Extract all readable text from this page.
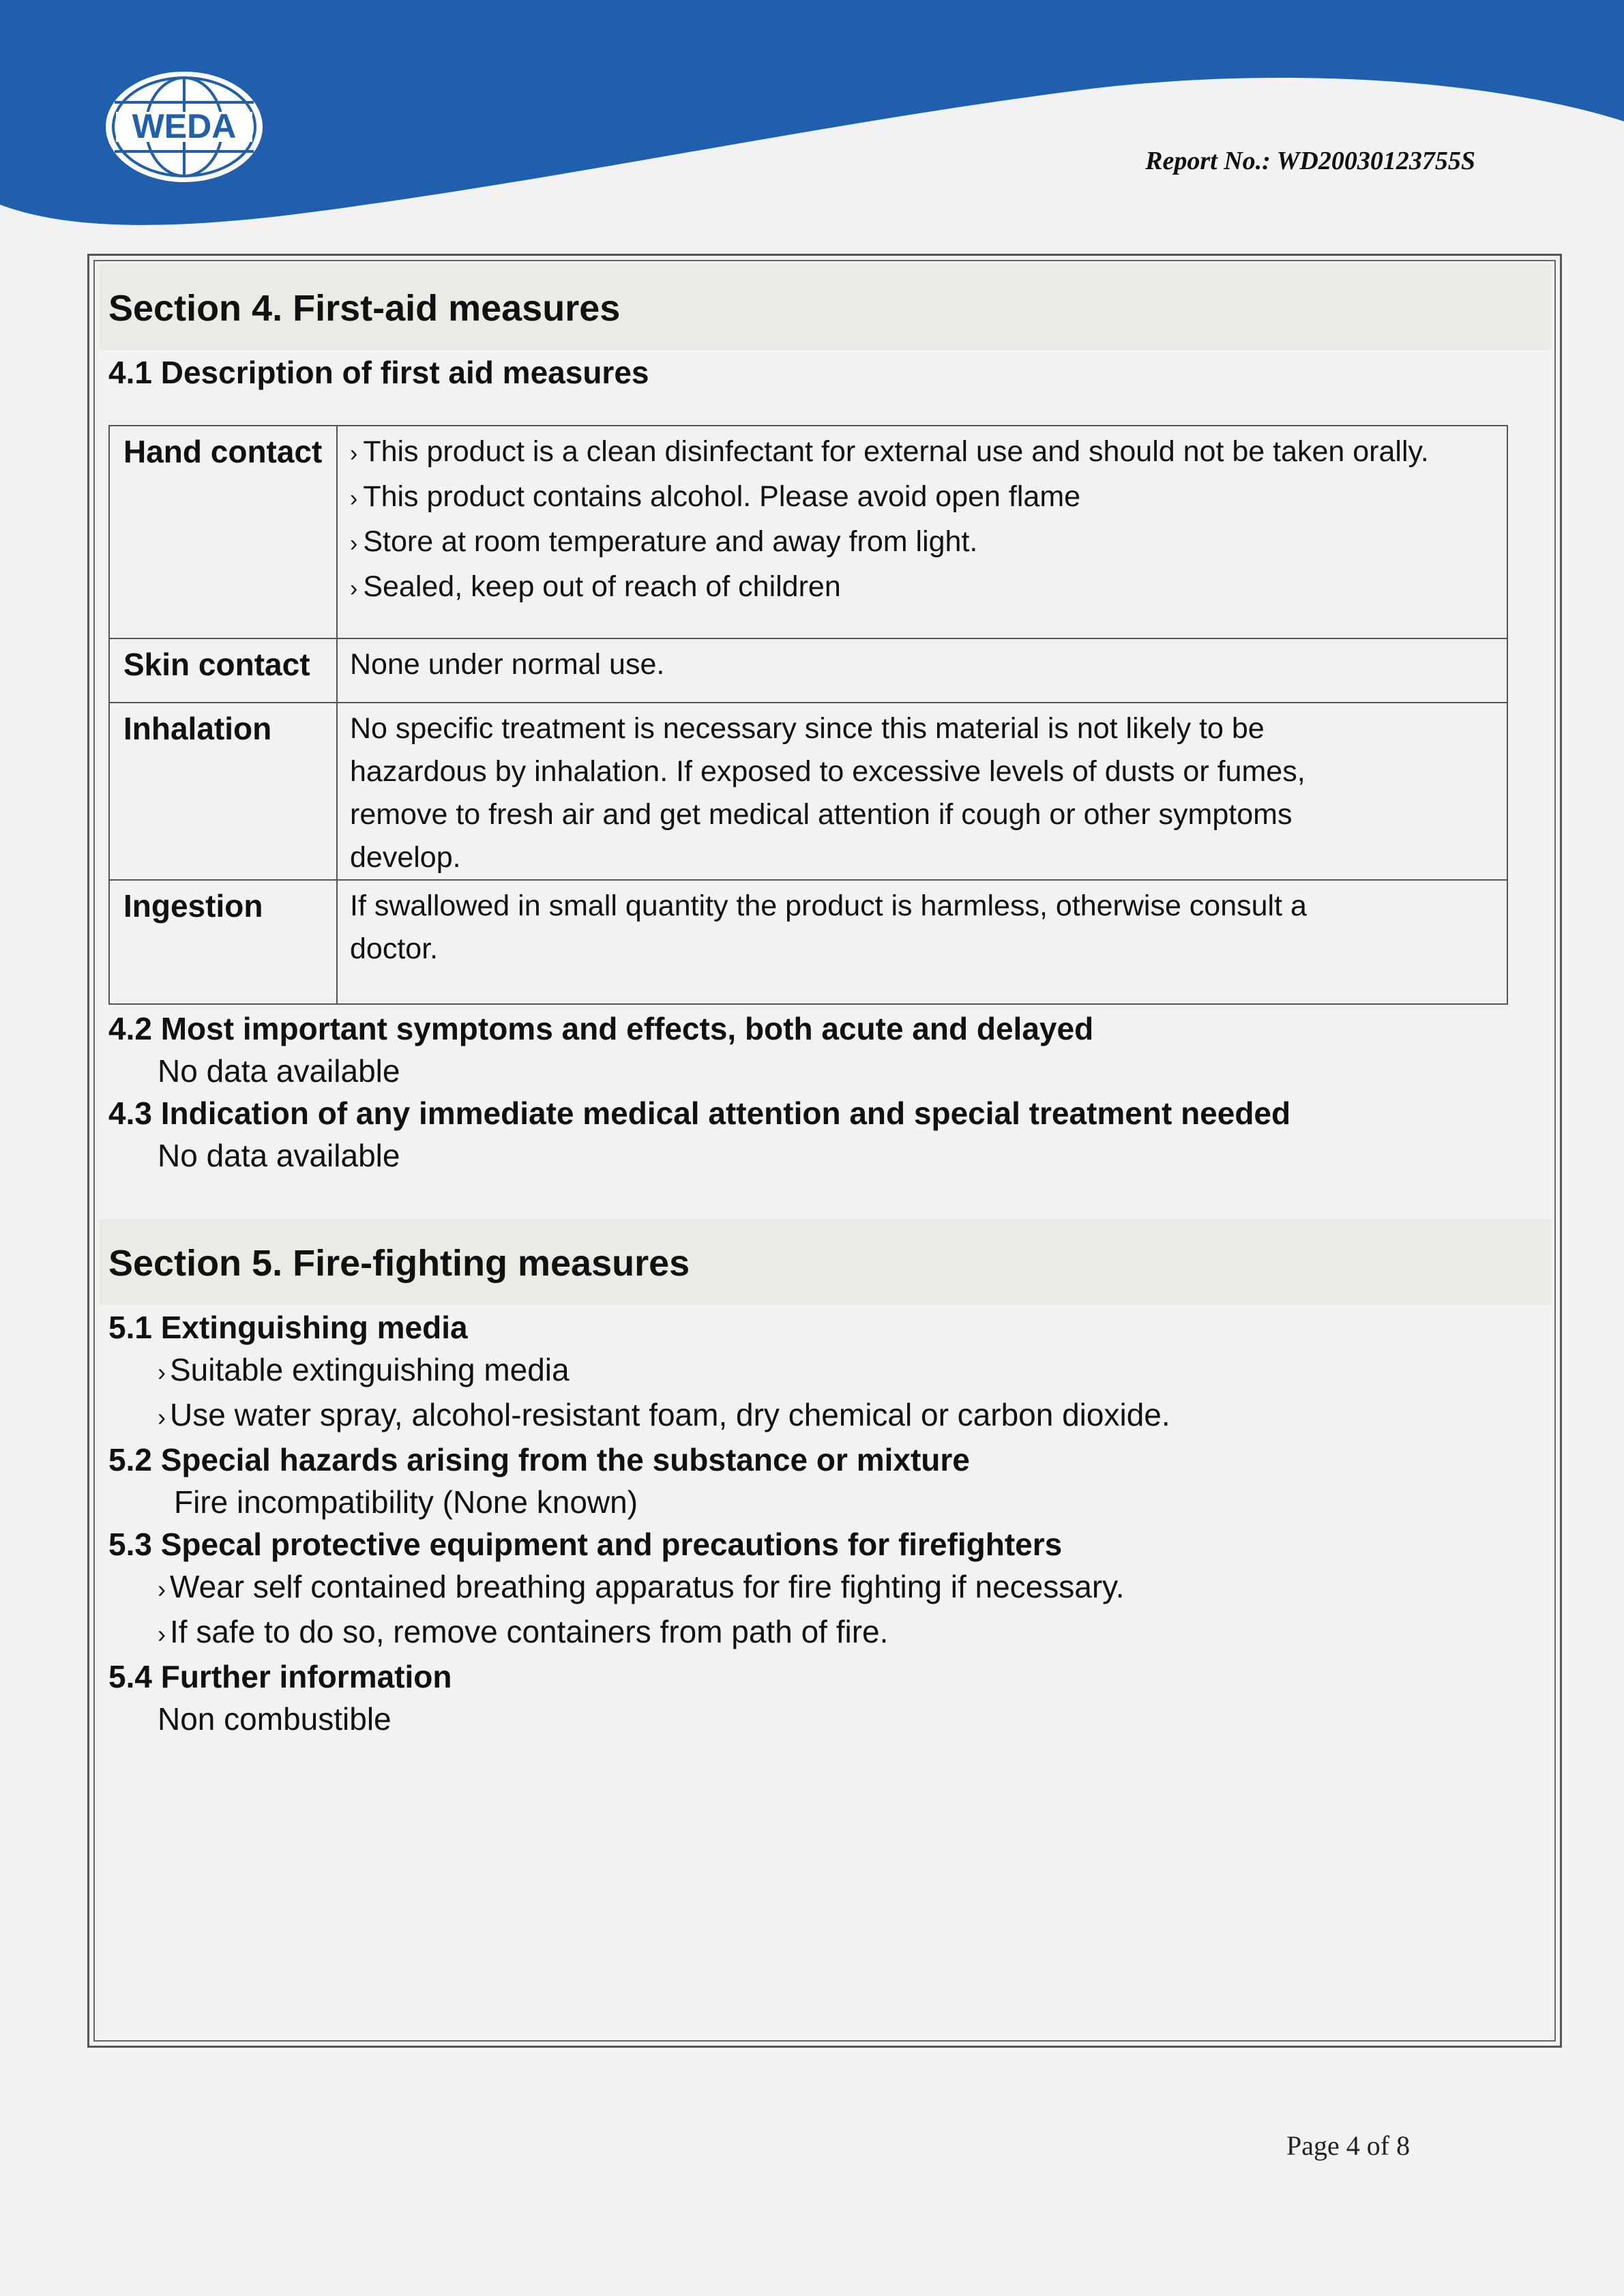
WEDA
Report No.: WD20030123755S
Section 4. First-aid measures
4.1 Description of first aid measures
Hand contact	› This product is a clean disinfectant for external use and should not be taken orally.
› This product contains alcohol. Please avoid open flame
› Store at room temperature and away from light.
› Sealed, keep out of reach of children

Skin contact	None under normal use.

Inhalation	No specific treatment is necessary since this material is not likely to be
hazardous by inhalation. If exposed to excessive levels of dusts or fumes,
remove to fresh air and get medical attention if cough or other symptoms
develop.

Ingestion	If swallowed in small quantity the product is harmless, otherwise consult a
doctor.
4.2 Most important symptoms and effects, both acute and delayed
No data available
4.3 Indication of any immediate medical attention and special treatment needed
No data available
Section 5. Fire-fighting measures
5.1 Extinguishing media
› Suitable extinguishing media
› Use water spray, alcohol-resistant foam, dry chemical or carbon dioxide.
5.2 Special hazards arising from the substance or mixture
Fire incompatibility (None known)
5.3 Specal protective equipment and precautions for firefighters
› Wear self contained breathing apparatus for fire fighting if necessary.
› If safe to do so, remove containers from path of fire.
5.4 Further information
Non combustible
Page 4 of 8
